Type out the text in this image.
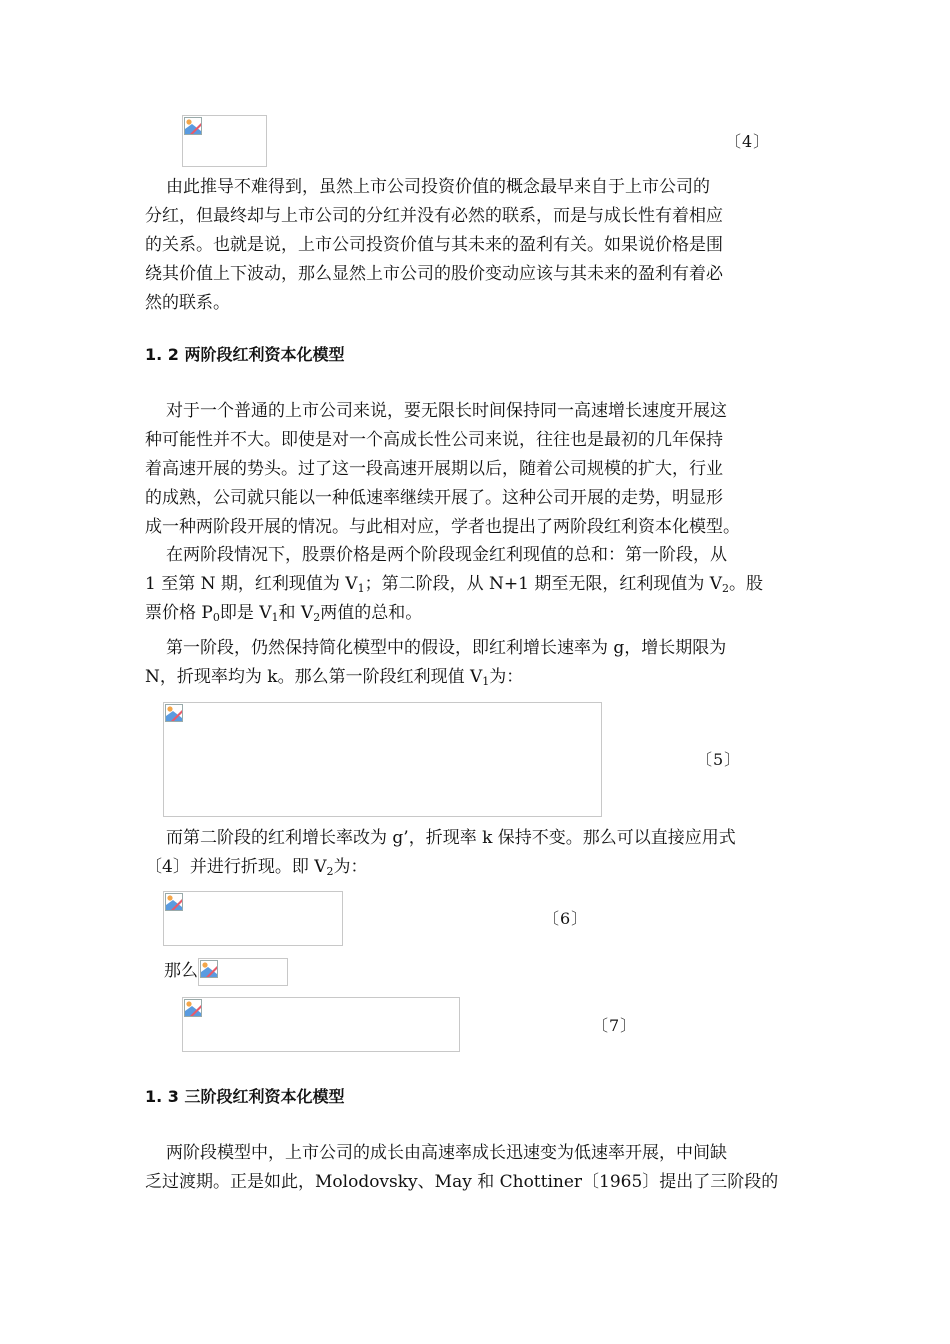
〔4〕

由此推导不难得到，虽然上市公司投资价值的概念最早来自于上市公司的
分红，但最终却与上市公司的分红并没有必然的联系，而是与成长性有着相应
的关系。也就是说，上市公司投资价值与其未来的盈利有关。如果说价格是围
绕其价值上下波动，那么显然上市公司的股价变动应该与其未来的盈利有着必
然的联系。

1. 2 两阶段红利资本化模型

对于一个普通的上市公司来说，要无限长时间保持同一高速增长速度开展这
种可能性并不大。即使是对一个高成长性公司来说，往往也是最初的几年保持
着高速开展的势头。过了这一段高速开展期以后，随着公司规模的扩大，行业
的成熟，公司就只能以一种低速率继续开展了。这种公司开展的走势，明显形
成一种两阶段开展的情况。与此相对应，学者也提出了两阶段红利资本化模型。

在两阶段情况下，股票价格是两个阶段现金红利现值的总和：第一阶段，从
1 至第 N 期，红利现值为 $V_1$；第二阶段，从 N+1 期至无限，红利现值为 $V_2$。股
票价格 $P_0$即是 $V_1$和 $V_2$两值的总和。

第一阶段，仍然保持简化模型中的假设，即红利增长速率为 g，增长期限为
N，折现率均为 k。那么第一阶段红利现值 $V_1$为：

〔5〕

而第二阶段的红利增长率改为 g’，折现率 k 保持不变。那么可以直接应用式
〔4〕并进行折现。即 $V_2$为：

〔6〕
那么
〔7〕
1. 3 三阶段红利资本化模型

两阶段模型中，上市公司的成长由高速率成长迅速变为低速率开展，中间缺
乏过渡期。正是如此，Molodovsky、May 和 Chottiner〔1965〕提出了三阶段的
